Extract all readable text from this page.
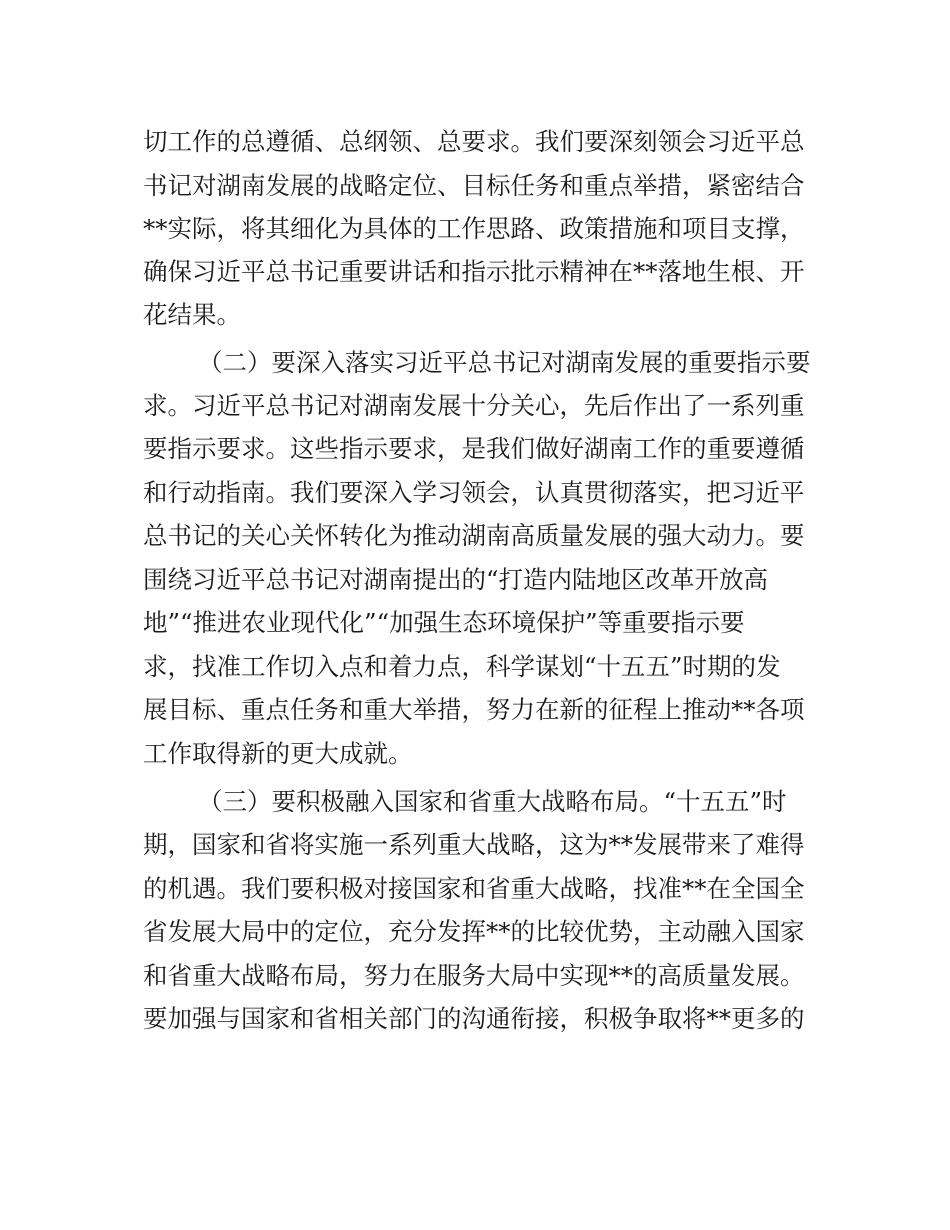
切工作的总遵循、总纲领、总要求。我们要深刻领会习近平总
书记对湖南发展的战略定位、目标任务和重点举措，紧密结合
**实际，将其细化为具体的工作思路、政策措施和项目支撑，
确保习近平总书记重要讲话和指示批示精神在**落地生根、开
花结果。
（二）要深入落实习近平总书记对湖南发展的重要指示要
求。习近平总书记对湖南发展十分关心，先后作出了一系列重
要指示要求。这些指示要求，是我们做好湖南工作的重要遵循
和行动指南。我们要深入学习领会，认真贯彻落实，把习近平
总书记的关心关怀转化为推动湖南高质量发展的强大动力。要
围绕习近平总书记对湖南提出的“打造内陆地区改革开放高
地”“推进农业现代化”“加强生态环境保护”等重要指示要
求，找准工作切入点和着力点，科学谋划“十五五”时期的发
展目标、重点任务和重大举措，努力在新的征程上推动**各项
工作取得新的更大成就。
（三）要积极融入国家和省重大战略布局。“十五五”时
期，国家和省将实施一系列重大战略，这为**发展带来了难得
的机遇。我们要积极对接国家和省重大战略，找准**在全国全
省发展大局中的定位，充分发挥**的比较优势，主动融入国家
和省重大战略布局，努力在服务大局中实现**的高质量发展。
要加强与国家和省相关部门的沟通衔接，积极争取将**更多的
